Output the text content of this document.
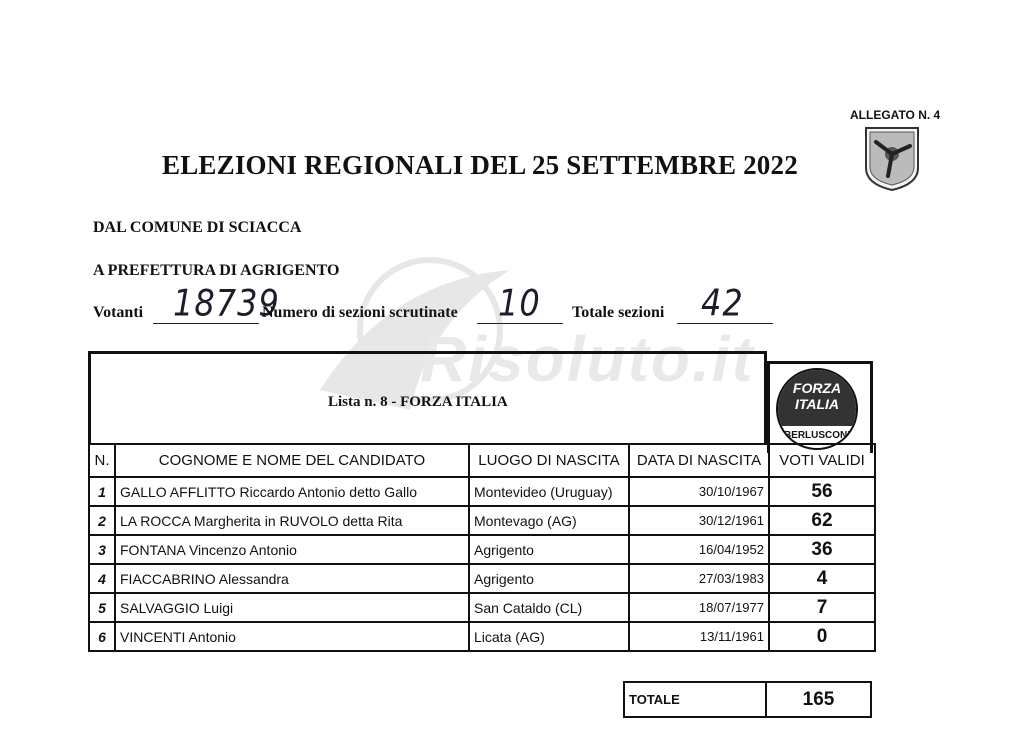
ALLEGATO N. 4
ELEZIONI REGIONALI DEL 25 SETTEMBRE 2022
DAL COMUNE DI SCIACCA
A PREFETTURA DI AGRIGENTO
Votanti 18739
Numero di sezioni scrutinate 10 Totale sezioni 42
Risoluto.it
Lista n. 8 - FORZA ITALIA
FORZA
ITALIA
BERLUSCONI
N.	COGNOME E NOME DEL CANDIDATO	LUOGO DI NASCITA	DATA DI NASCITA	VOTI VALIDI
1	GALLO AFFLITTO Riccardo Antonio detto Gallo	Montevideo (Uruguay)	30/10/1967	56
2	LA ROCCA Margherita in RUVOLO detta Rita	Montevago (AG)	30/12/1961	62
3	FONTANA Vincenzo Antonio	Agrigento	16/04/1952	36
4	FIACCABRINO Alessandra	Agrigento	27/03/1983	4
5	SALVAGGIO Luigi	San Cataldo (CL)	18/07/1977	7
6	VINCENTI Antonio	Licata (AG)	13/11/1961	0
TOTALE	165
